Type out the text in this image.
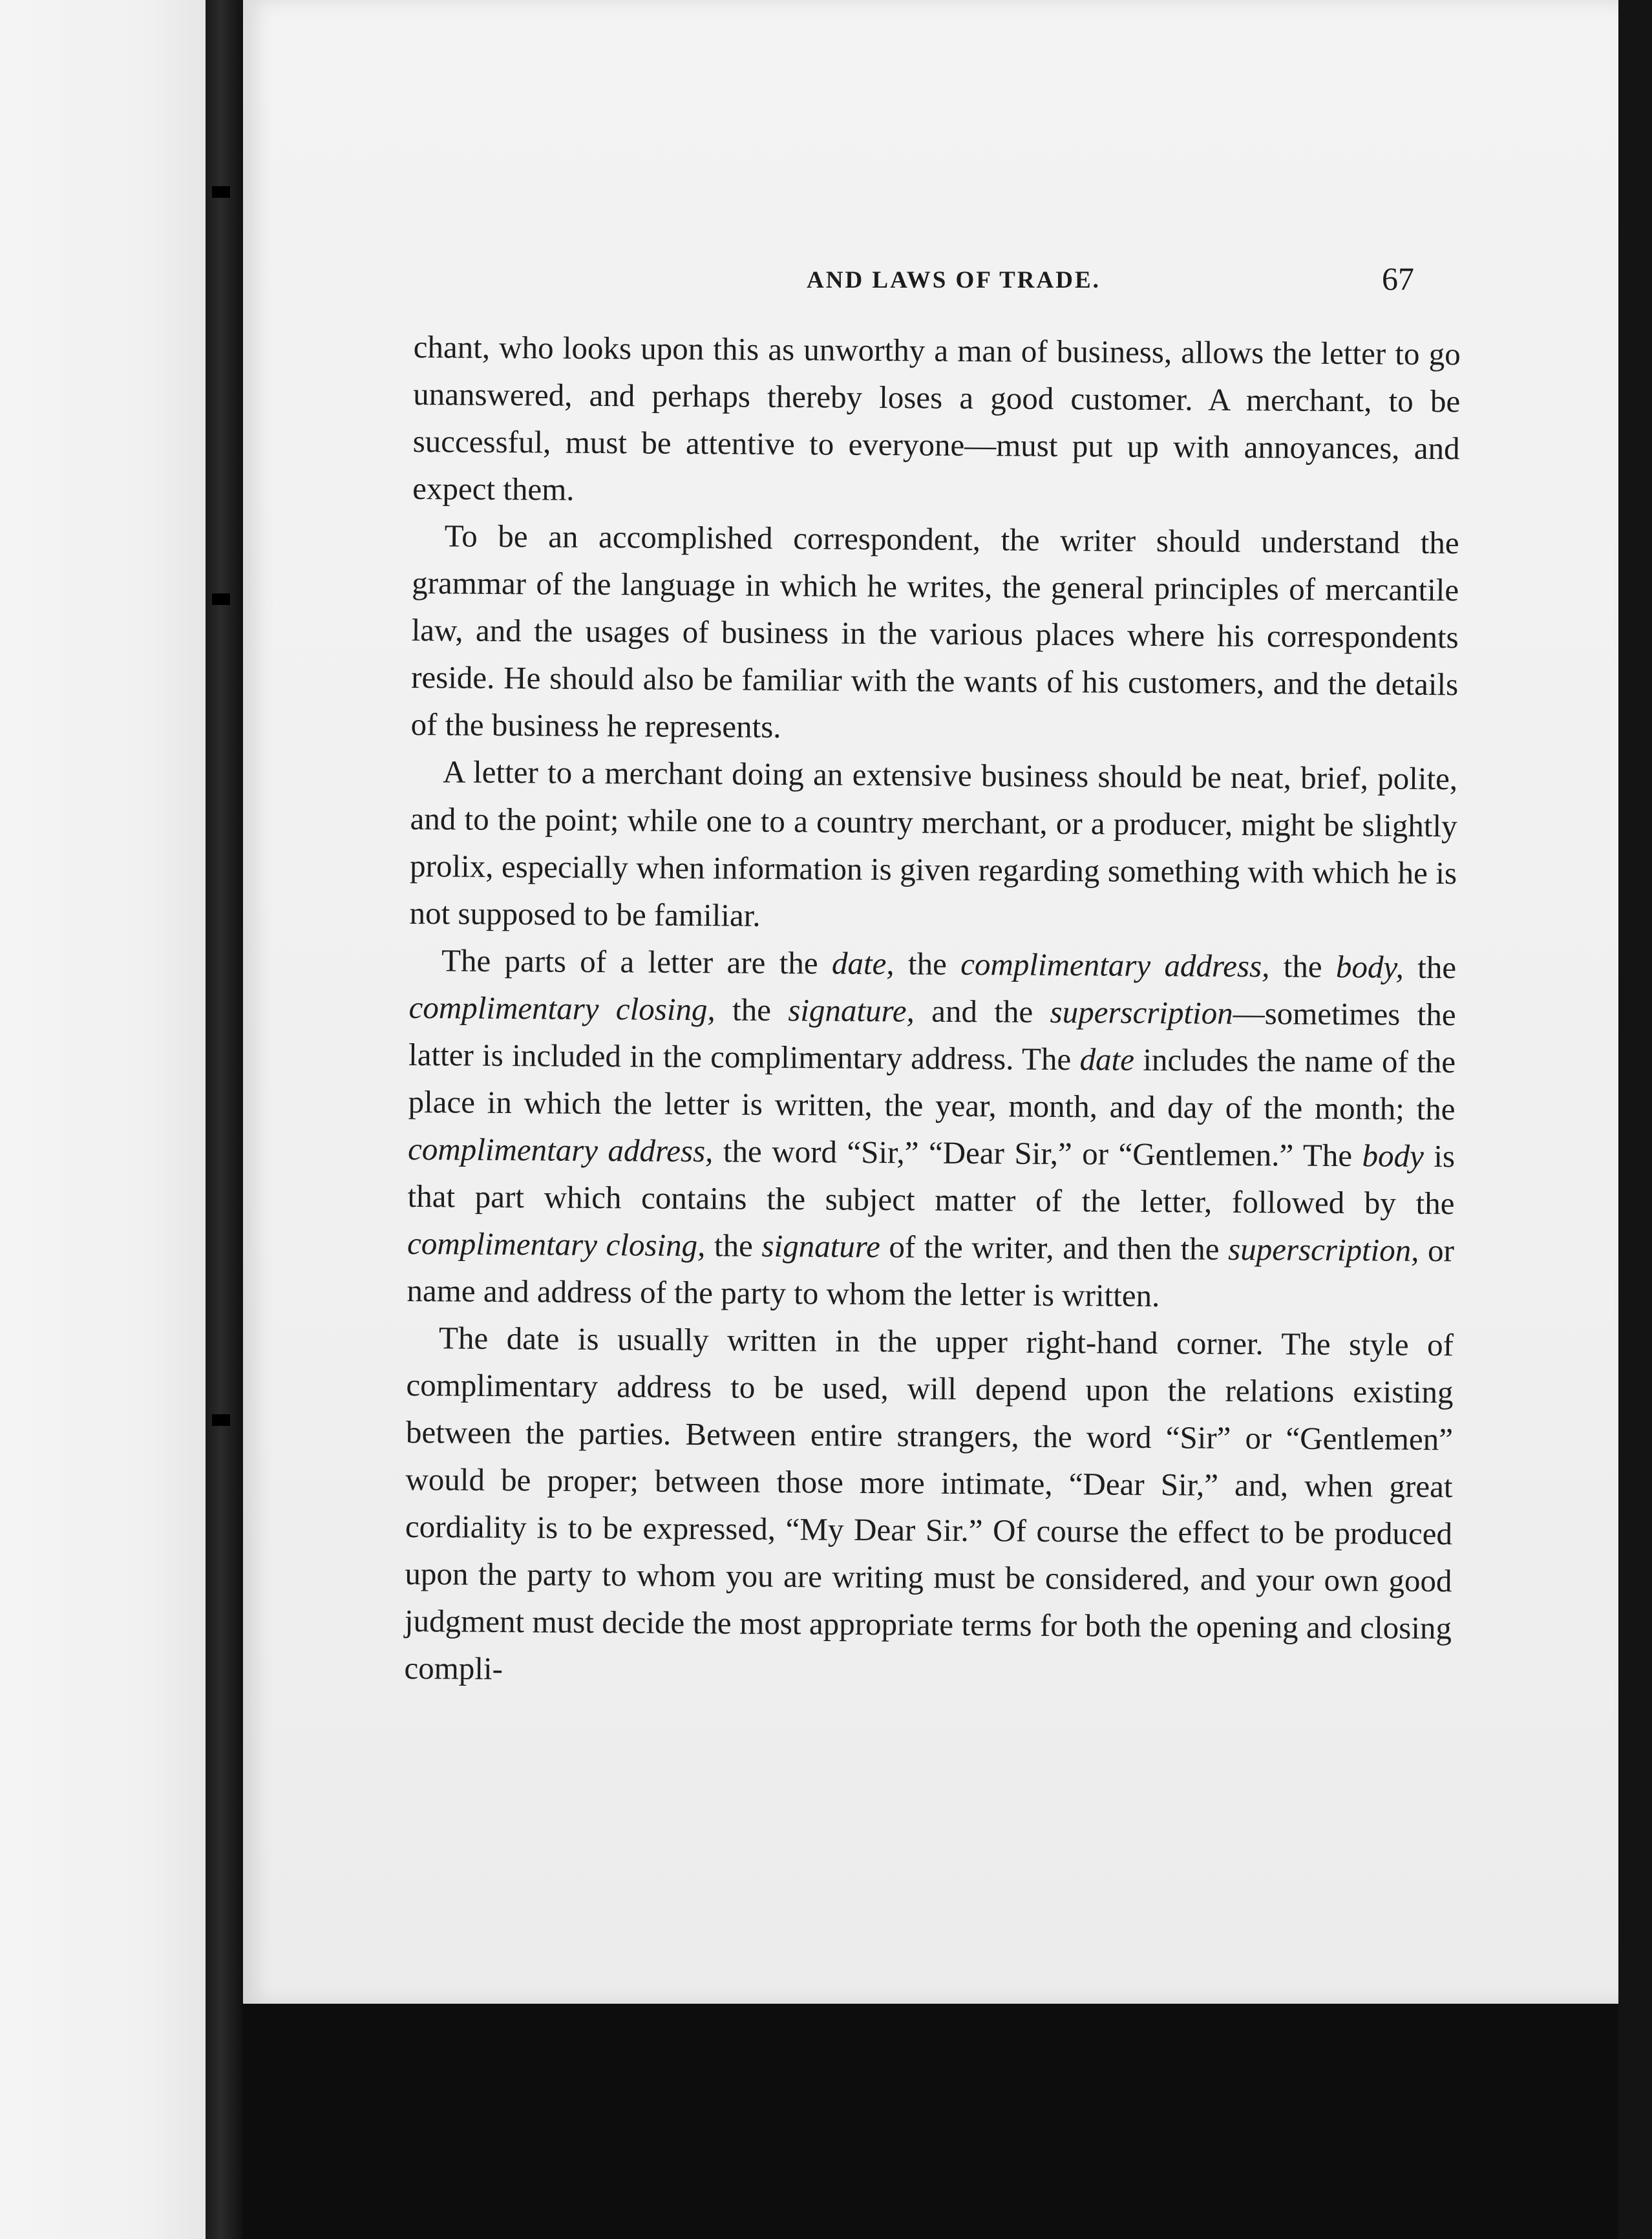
AND LAWS OF TRADE.	67

chant, who looks upon this as unworthy a man of business, allows the letter to go unanswered, and perhaps thereby loses a good customer. A merchant, to be successful, must be attentive to everyone—must put up with annoyances, and expect them.

To be an accomplished correspondent, the writer should understand the grammar of the language in which he writes, the general principles of mercantile law, and the usages of business in the various places where his correspondents reside. He should also be familiar with the wants of his customers, and the details of the business he represents.

A letter to a merchant doing an extensive business should be neat, brief, polite, and to the point; while one to a country merchant, or a producer, might be slightly prolix, especially when information is given regarding something with which he is not supposed to be familiar.

The parts of a letter are the date, the complimentary address, the body, the complimentary closing, the signature, and the superscription—sometimes the latter is included in the complimentary address. The date includes the name of the place in which the letter is written, the year, month, and day of the month; the complimentary address, the word “Sir,” “Dear Sir,” or “Gentlemen.” The body is that part which contains the subject matter of the letter, followed by the complimentary closing, the signature of the writer, and then the superscription, or name and address of the party to whom the letter is written.

The date is usually written in the upper right-hand corner. The style of complimentary address to be used, will depend upon the relations existing between the parties. Between entire strangers, the word “Sir” or “Gentlemen” would be proper; between those more intimate, “Dear Sir,” and, when great cordiality is to be expressed, “My Dear Sir.” Of course the effect to be produced upon the party to whom you are writing must be considered, and your own good judgment must decide the most appropriate terms for both the opening and closing compli-
